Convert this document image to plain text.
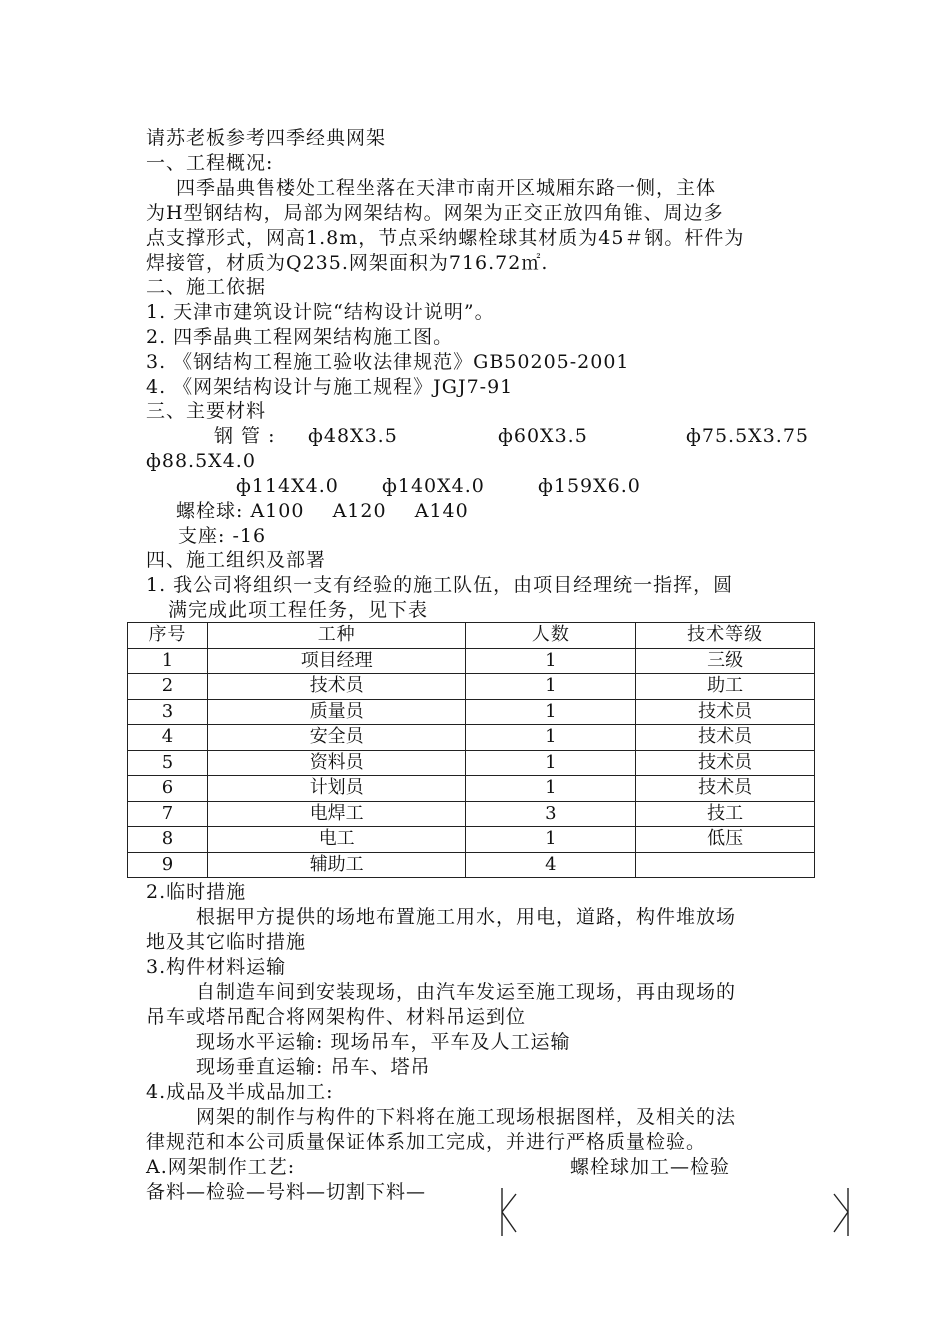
请苏老板参考四季经典网架
一、工程概况:
四季晶典售楼处工程坐落在天津市南开区城厢东路一侧，主体
为H型钢结构，局部为网架结构。网架为正交正放四角锥、周边多
点支撑形式，网高1.8m，节点采纳螺栓球其材质为45＃钢。杆件为
焊接管，材质为Q235.网架面积为716.72㎡.
二、施工依据
1. 天津市建筑设计院“结构设计说明”。
2. 四季晶典工程网架结构施工图。
3. 《钢结构工程施工验收法律规范》GB50205-2001
4. 《网架结构设计与施工规程》JGJ7-91
三、主要材料
钢 管 : ф48X3.5	ф60X3.5	ф75.5X3.75
ф88.5X4.0
ф114X4.0 ф140X4.0	ф159X6.0
螺栓球: A100    A120    A140
支座: -16
四、施工组织及部署
1. 我公司将组织一支有经验的施工队伍，由项目经理统一指挥，圆
满完成此项工程任务，见下表
序号	工种	人数	技术等级
1	项目经理	1	三级
2	技术员	1	助工
3	质量员	1	技术员
4	安全员	1	技术员
5	资料员	1	技术员
6	计划员	1	技术员
7	电焊工	3	技工
8	电工	1	低压
9	辅助工	4	
2.临时措施
根据甲方提供的场地布置施工用水，用电，道路，构件堆放场
地及其它临时措施
3.构件材料运输
自制造车间到安装现场，由汽车发运至施工现场，再由现场的
吊车或塔吊配合将网架构件、材料吊运到位
现场水平运输: 现场吊车，平车及人工运输
现场垂直运输: 吊车、塔吊
4.成品及半成品加工:
网架的制作与构件的下料将在施工现场根据图样，及相关的法
律规范和本公司质量保证体系加工完成，并进行严格质量检验。
A.网架制作工艺:	螺栓球加工—检验
备料—检验—号料—切割下料—
